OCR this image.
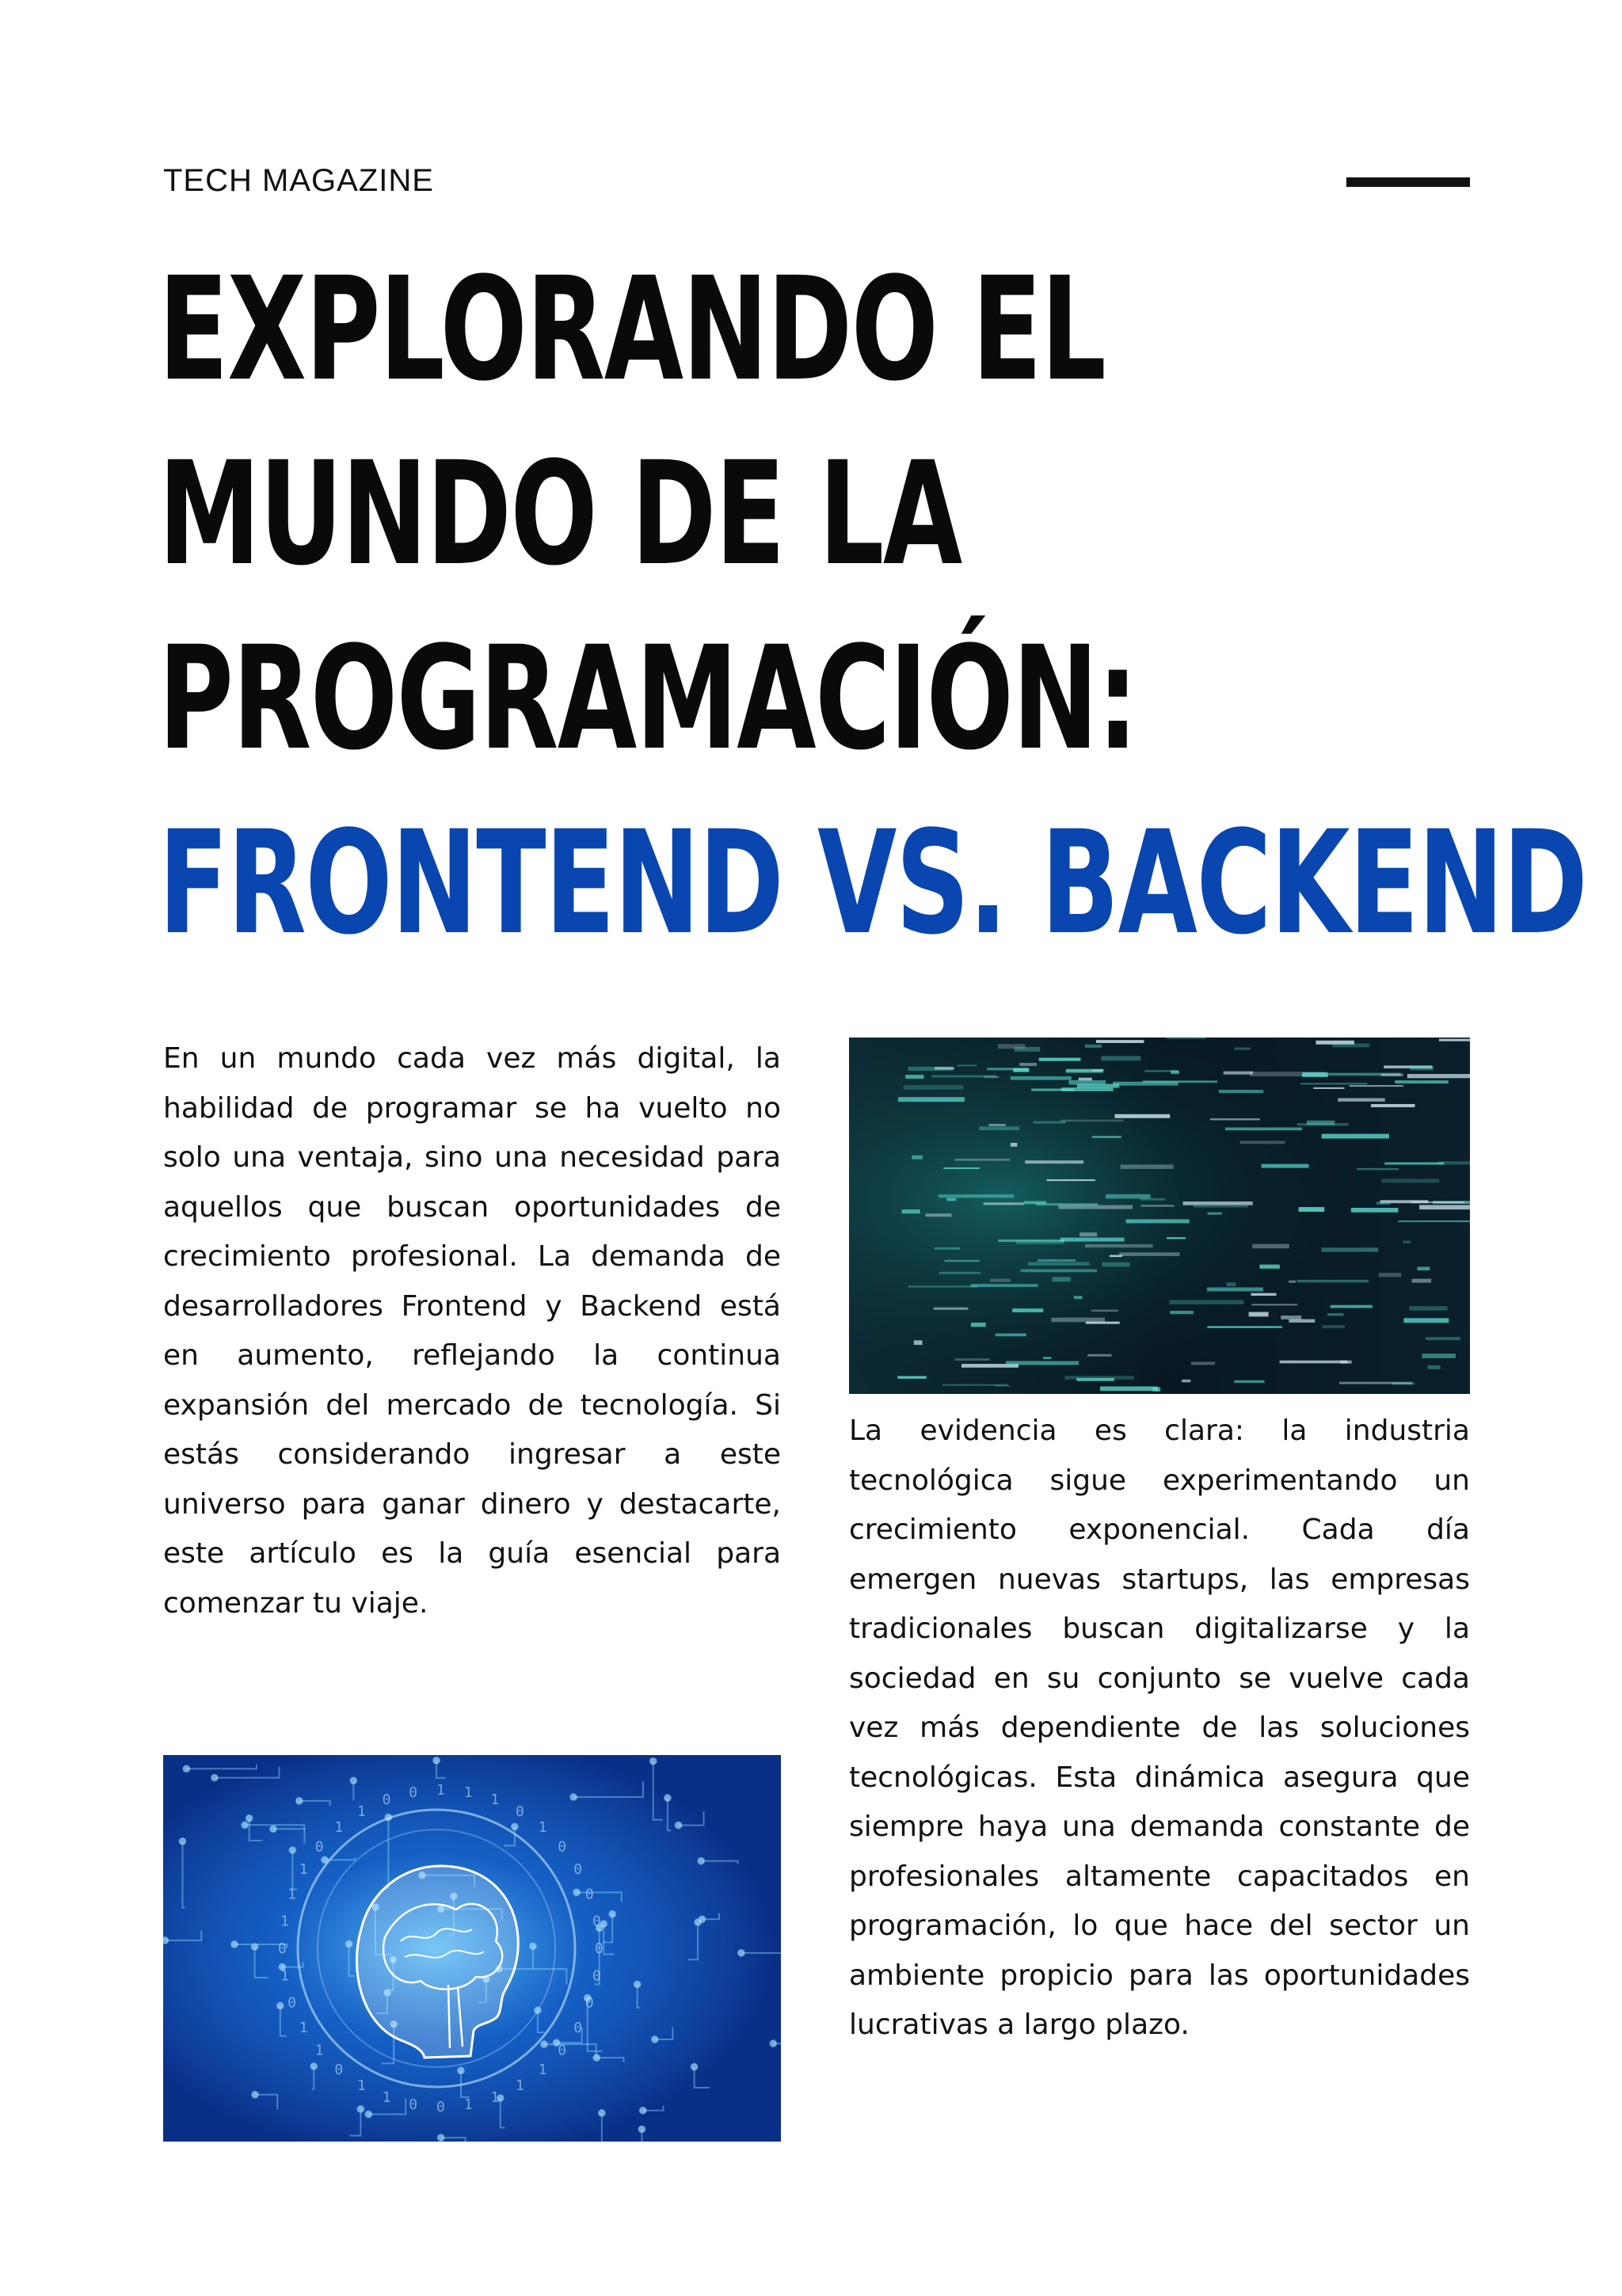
TECH MAGAZINE
EXPLORANDO EL
MUNDO DE LA
PROGRAMACIÓN:
FRONTEND VS. BACKEND

En un mundo cada vez más digital, la habilidad de programar se ha vuelto no solo una ventaja, sino una necesidad para aquellos que buscan oportunidades de crecimiento profesional. La demanda de desarrolladores Frontend y Backend está en aumento, reflejando la continua expansión del mercado de tecnología. Si estás considerando ingresar a este universo para ganar dinero y destacarte, este artículo es la guía esencial para comenzar tu viaje.

La evidencia es clara: la industria tecnológica sigue experimentando un crecimiento exponencial. Cada día emergen nuevas startups, las empresas tradicionales buscan digitalizarse y la sociedad en su conjunto se vuelve cada vez más dependiente de las soluciones tecnológicas. Esta dinámica asegura que siempre haya una demanda constante de profesionales altamente capacitados en programación, lo que hace del sector un ambiente propicio para las oportunidades lucrativas a largo plazo.

0
0
0
0
0
1
1
1
1
0
0
1
1
0
1
1
0
1
0
1
1
1
0
1
1
0 0 1 1 1
0
1
0
0
0
0
